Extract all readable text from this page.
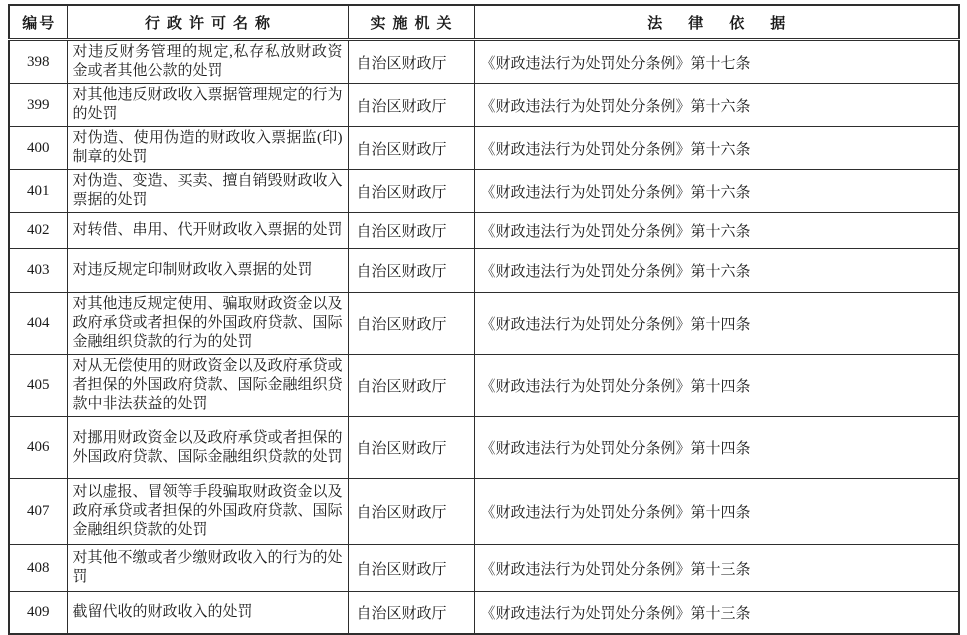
编号	行政许可名称	实施机关	法律依据
398	对违反财务管理的规定,私存私放财政资金或者其他公款的处罚	自治区财政厅	《财政违法行为处罚处分条例》第十七条
399	对其他违反财政收入票据管理规定的行为的处罚	自治区财政厅	《财政违法行为处罚处分条例》第十六条
400	对伪造、使用伪造的财政收入票据监(印)制章的处罚	自治区财政厅	《财政违法行为处罚处分条例》第十六条
401	对伪造、变造、买卖、擅自销毁财政收入票据的处罚	自治区财政厅	《财政违法行为处罚处分条例》第十六条
402	对转借、串用、代开财政收入票据的处罚	自治区财政厅	《财政违法行为处罚处分条例》第十六条
403	对违反规定印制财政收入票据的处罚	自治区财政厅	《财政违法行为处罚处分条例》第十六条
404	对其他违反规定使用、骗取财政资金以及政府承贷或者担保的外国政府贷款、国际金融组织贷款的行为的处罚	自治区财政厅	《财政违法行为处罚处分条例》第十四条
405	对从无偿使用的财政资金以及政府承贷或者担保的外国政府贷款、国际金融组织贷款中非法获益的处罚	自治区财政厅	《财政违法行为处罚处分条例》第十四条
406	对挪用财政资金以及政府承贷或者担保的外国政府贷款、国际金融组织贷款的处罚	自治区财政厅	《财政违法行为处罚处分条例》第十四条
407	对以虚报、冒领等手段骗取财政资金以及政府承贷或者担保的外国政府贷款、国际金融组织贷款的处罚	自治区财政厅	《财政违法行为处罚处分条例》第十四条
408	对其他不缴或者少缴财政收入的行为的处罚	自治区财政厅	《财政违法行为处罚处分条例》第十三条
409	截留代收的财政收入的处罚	自治区财政厅	《财政违法行为处罚处分条例》第十三条
